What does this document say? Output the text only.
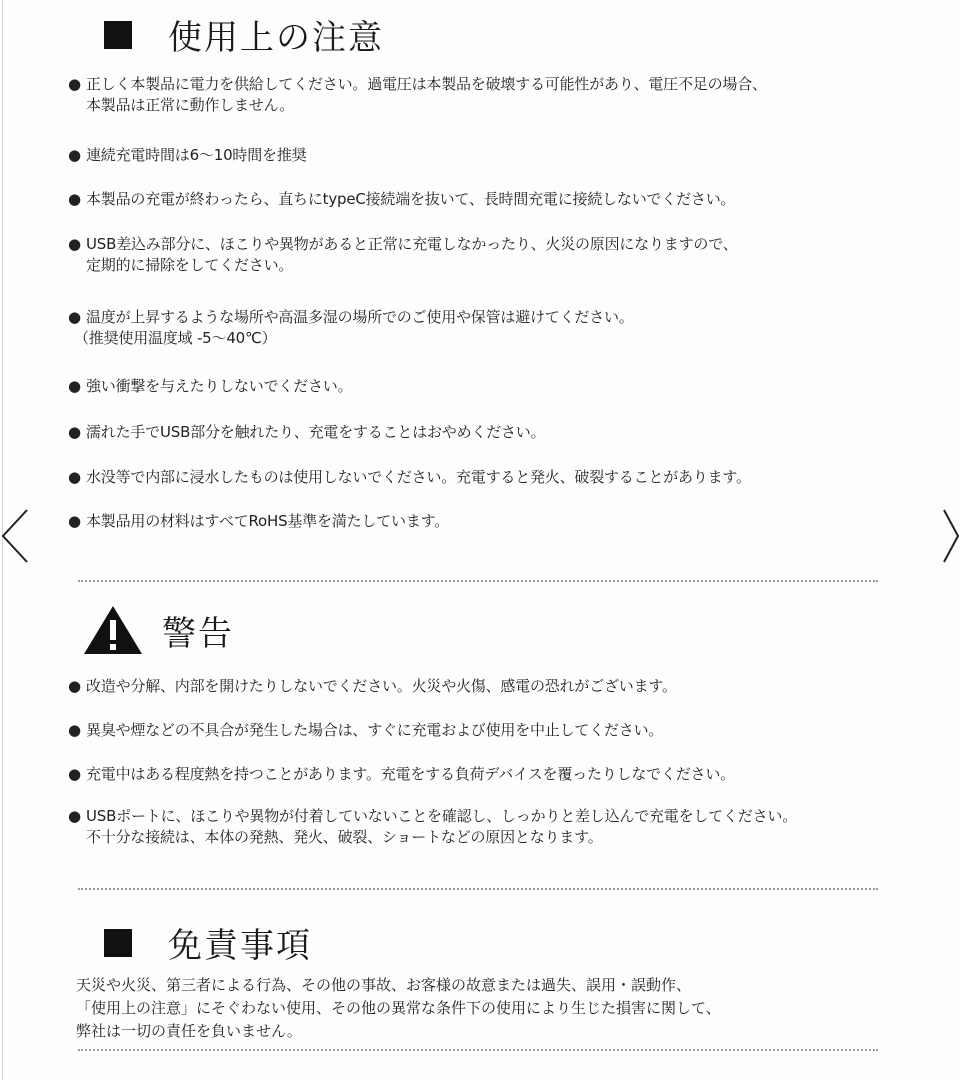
使用上の注意
● 正しく本製品に電力を供給してください。過電圧は本製品を破壊する可能性があり、電圧不足の場合、
本製品は正常に動作しません。
● 連続充電時間は6～10時間を推奨
● 本製品の充電が終わったら、直ちにtypeC接続端を抜いて、長時間充電に接続しないでください。
● USB差込み部分に、ほこりや異物があると正常に充電しなかったり、火災の原因になりますので、
定期的に掃除をしてください。
● 温度が上昇するような場所や高温多湿の場所でのご使用や保管は避けてください。
（推奨使用温度域 -5～40℃）
● 強い衝撃を与えたりしないでください。
● 濡れた手でUSB部分を触れたり、充電をすることはおやめください。
● 水没等で内部に浸水したものは使用しないでください。充電すると発火、破裂することがあります。
● 本製品用の材料はすべてRoHS基準を満たしています。
警告
● 改造や分解、内部を開けたりしないでください。火災や火傷、感電の恐れがございます。
● 異臭や煙などの不具合が発生した場合は、すぐに充電および使用を中止してください。
● 充電中はある程度熱を持つことがあります。充電をする負荷デバイスを覆ったりしなでください。
● USBポートに、ほこりや異物が付着していないことを確認し、しっかりと差し込んで充電をしてください。
不十分な接続は、本体の発熱、発火、破裂、ショートなどの原因となります。
免責事項
天災や火災、第三者による行為、その他の事故、お客様の故意または過失、誤用・誤動作、
「使用上の注意」にそぐわない使用、その他の異常な条件下の使用により生じた損害に関して、
弊社は一切の責任を負いません。
